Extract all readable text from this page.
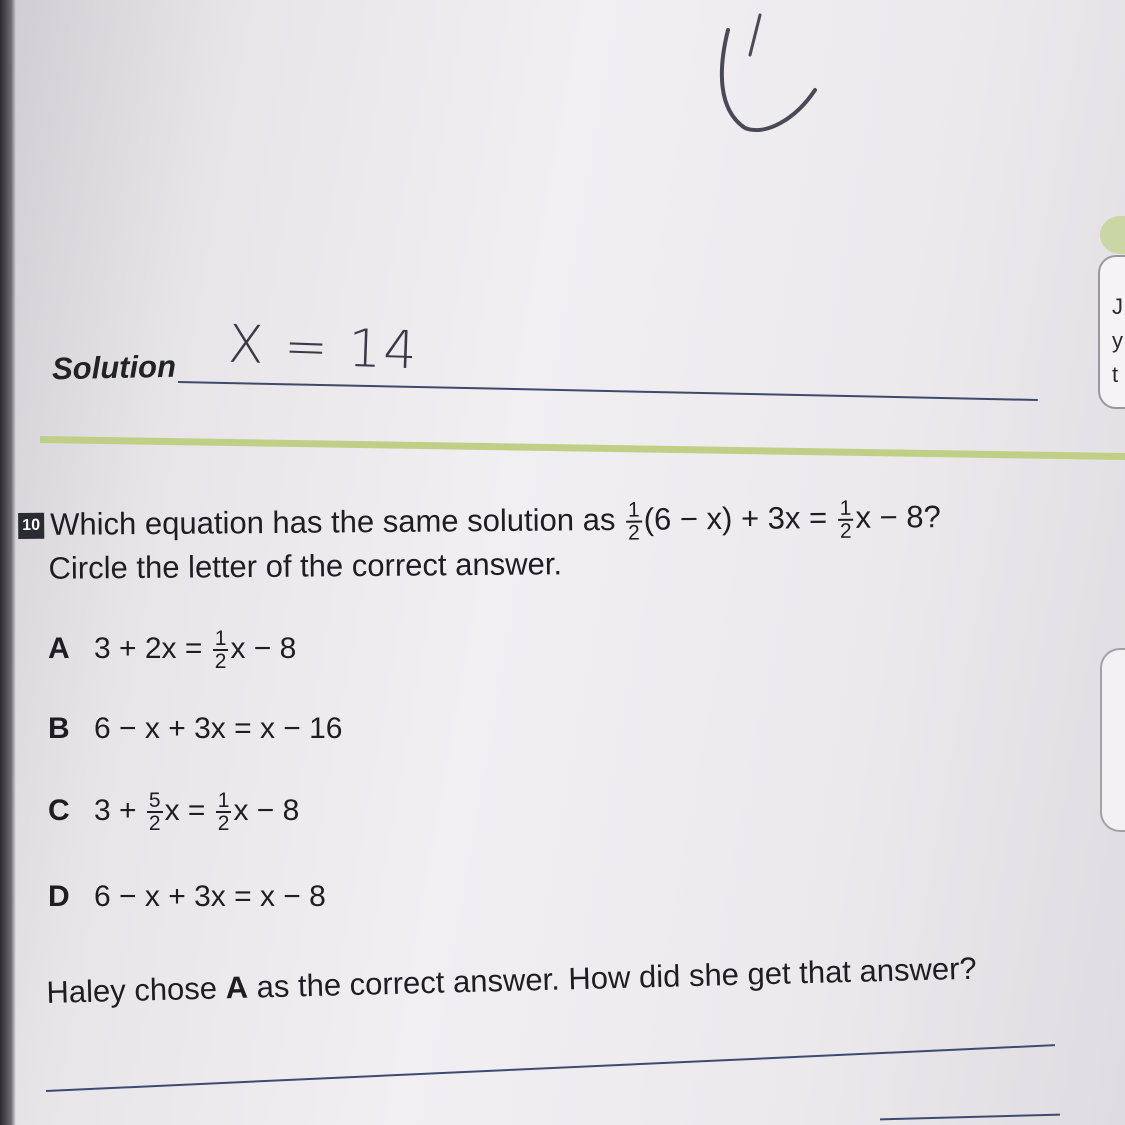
Solution X = 14
J
y
t
10 Which equation has the same solution as $\frac{1}{2} (6 - x) + 3x = \frac{1}{2}$ x − 8?
Circle the letter of the correct answer.
A $3 + 2x = \frac{1}{2}$ x − 8
B 6 − x + 3x = x − 16
C $3 + \frac{5}{2}$ $x = \frac{1}{2}$ x − 8
D 6 − x + 3x = x − 8
Haley chose A as the correct answer. How did she get that answer?
